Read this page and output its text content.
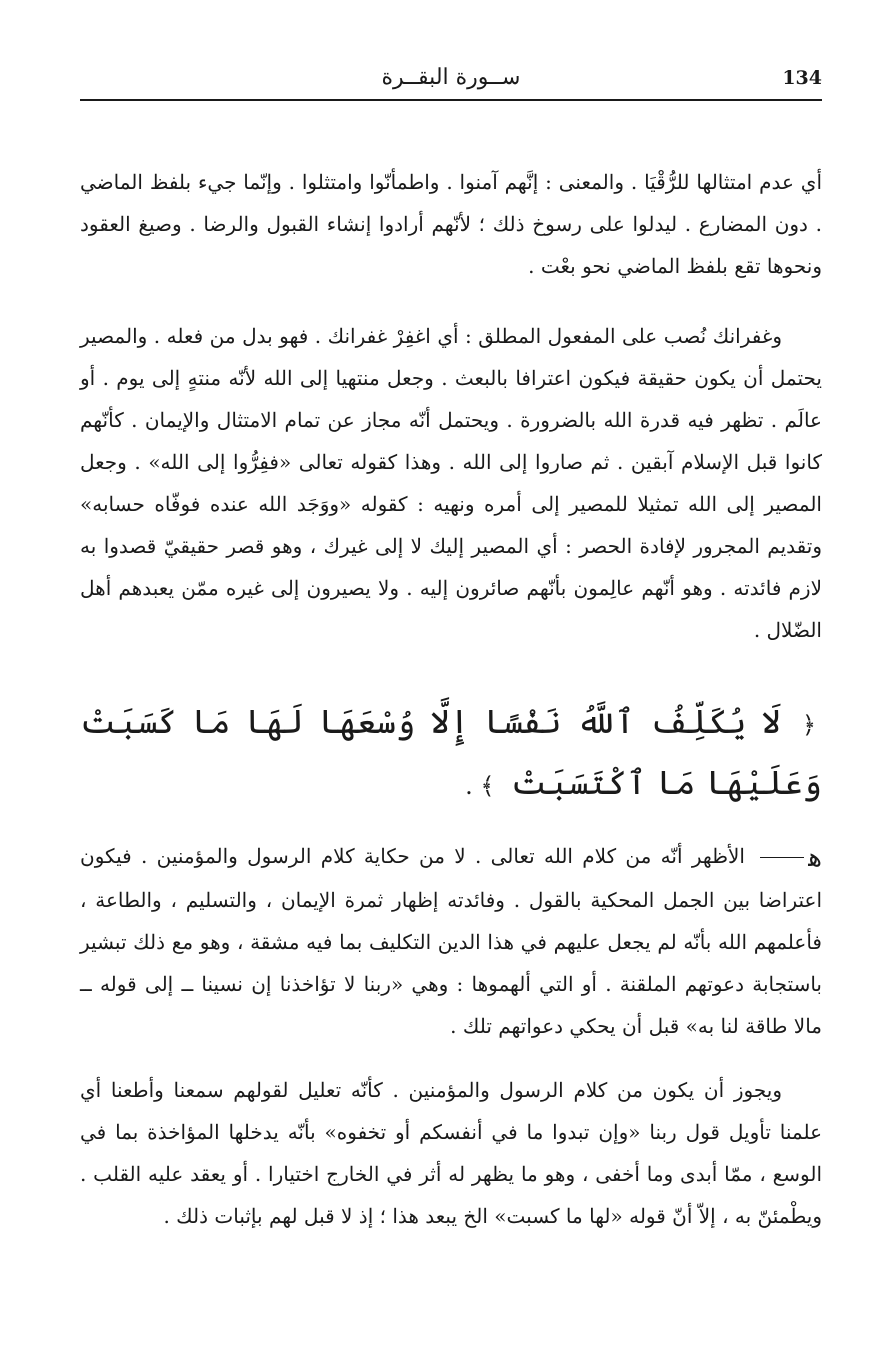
134
ســورة البقــرة

أي عدم امتثالها للرُّقْيَا . والمعنى : إنَّهم آمنوا . واطمأنّوا وامتثلوا . وإنّما جيء بلفظ الماضي . دون المضارع . ليدلوا على رسوخ ذلك ؛ لأنّهم أرادوا إنشاء القبول والرضا . وصيغ العقود ونحوها تقع بلفظ الماضي نحو بعْت .

وغفرانك نُصب على المفعول المطلق : أي اغفِرْ غفرانك . فهو بدل من فعله . والمصير يحتمل أن يكون حقيقة فيكون اعترافا بالبعث . وجعل منتهيا إلى الله لأنّه منتهٍ إلى يوم . أو عالَم . تظهر فيه قدرة الله بالضرورة . ويحتمل أنّه مجاز عن تمام الامتثال والإيمان . كأنّهم كانوا قبل الإسلام آبقين . ثم صاروا إلى الله . وهذا كقوله تعالى «ففِرُّوا إلى الله» . وجعل المصير إلى الله تمثيلا للمصير إلى أمره ونهيه : كقوله «ووَجَد الله عنده فوفّاه حسابه» وتقديم المجرور لإفادة الحصر : أي المصير إليك لا إلى غيرك ، وهو قصر حقيقيّ قصدوا به لازم فائدته . وهو أنّهم عالِمون بأنّهم صائرون إليه . ولا يصيرون إلى غيره ممّن يعبدهم أهل الضّلال .

﴿ لَا يُكَلِّفُ ٱللَّهُ نَفْسًا إِلَّا وُسْعَهَا لَهَا مَا كَسَبَتْ وَعَلَيْهَا مَا ٱكْتَسَبَتْ ﴾ .

ﮬ الأظهر أنّه من كلام الله تعالى . لا من حكاية كلام الرسول والمؤمنين . فيكون اعتراضا بين الجمل المحكية بالقول . وفائدته إظهار ثمرة الإيمان ، والتسليم ، والطاعة ، فأعلمهم الله بأنّه لم يجعل عليهم في هذا الدين التكليف بما فيه مشقة ، وهو مع ذلك تبشير باستجابة دعوتهم الملقنة . أو التي ألهموها : وهي «ربنا لا تؤاخذنا إن نسينا ــ إلى قوله ــ مالا طاقة لنا به» قبل أن يحكي دعواتهم تلك .

ويجوز أن يكون من كلام الرسول والمؤمنين . كأنّه تعليل لقولهم سمعنا وأطعنا أي علمنا تأويل قول ربنا «وإن تبدوا ما في أنفسكم أو تخفوه» بأنّه يدخلها المؤاخذة بما في الوسع ، ممّا أبدى وما أخفى ، وهو ما يظهر له أثر في الخارج اختيارا . أو يعقد عليه القلب . ويطْمئنّ به ، إلاّ أنّ قوله «لها ما كسبت» الخ يبعد هذا ؛ إذ لا قبل لهم بإثبات ذلك .
